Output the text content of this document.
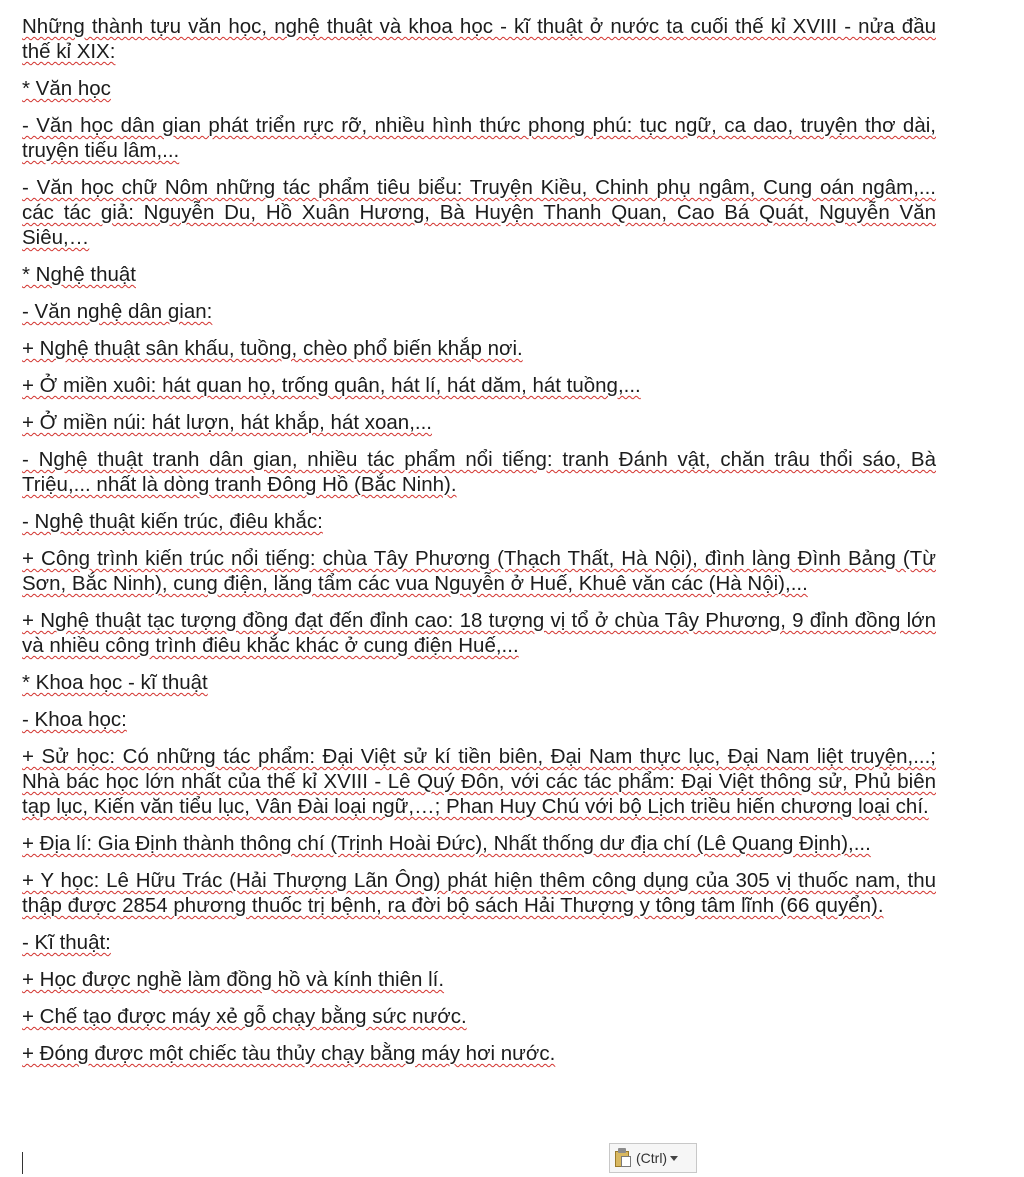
Những thành tựu văn học, nghệ thuật và khoa học - kĩ thuật ở nước ta cuối thế kỉ XVIII - nửa đầu thế kỉ XIX:

* Văn học

- Văn học dân gian phát triển rực rỡ, nhiều hình thức phong phú: tục ngữ, ca dao, truyện thơ dài, truyện tiếu lâm,...

- Văn học chữ Nôm những tác phẩm tiêu biểu: Truyện Kiều, Chinh phụ ngâm, Cung oán ngâm,... các tác giả: Nguyễn Du, Hồ Xuân Hương, Bà Huyện Thanh Quan, Cao Bá Quát, Nguyễn Văn Siêu,…

* Nghệ thuật

- Văn nghệ dân gian:

+ Nghệ thuật sân khấu, tuồng, chèo phổ biến khắp nơi.

+ Ở miền xuôi: hát quan họ, trống quân, hát lí, hát dăm, hát tuồng,...

+ Ở miền núi: hát lượn, hát khắp, hát xoan,...

- Nghệ thuật tranh dân gian, nhiều tác phẩm nổi tiếng: tranh Đánh vật, chăn trâu thổi sáo, Bà Triệu,... nhất là dòng tranh Đông Hồ (Bắc Ninh).

- Nghệ thuật kiến trúc, điêu khắc:

+ Công trình kiến trúc nổi tiếng: chùa Tây Phương (Thạch Thất, Hà Nội), đình làng Đình Bảng (Từ Sơn, Bắc Ninh), cung điện, lăng tẩm các vua Nguyễn ở Huế, Khuê văn các (Hà Nội),...

+ Nghệ thuật tạc tượng đồng đạt đến đỉnh cao: 18 tượng vị tổ ở chùa Tây Phương, 9 đỉnh đồng lớn và nhiều công trình điêu khắc khác ở cung điện Huế,...

* Khoa học - kĩ thuật

- Khoa học:

+ Sử học: Có những tác phẩm: Đại Việt sử kí tiền biên, Đại Nam thực lục, Đại Nam liệt truyện,...; Nhà bác học lớn nhất của thế kỉ XVIII - Lê Quý Đôn, với các tác phẩm: Đại Việt thông sử, Phủ biên tạp lục, Kiến văn tiểu lục, Vân Đài loại ngữ,…; Phan Huy Chú với bộ Lịch triều hiến chương loại chí.

+ Địa lí: Gia Định thành thông chí (Trịnh Hoài Đức), Nhất thống dư địa chí (Lê Quang Định),...

+ Y học: Lê Hữu Trác (Hải Thượng Lãn Ông) phát hiện thêm công dụng của 305 vị thuốc nam, thu thập được 2854 phương thuốc trị bệnh, ra đời bộ sách Hải Thượng y tông tâm lĩnh (66 quyển).

- Kĩ thuật:

+ Học được nghề làm đồng hồ và kính thiên lí.

+ Chế tạo được máy xẻ gỗ chạy bằng sức nước.

+ Đóng được một chiếc tàu thủy chạy bằng máy hơi nước.

(Ctrl)
